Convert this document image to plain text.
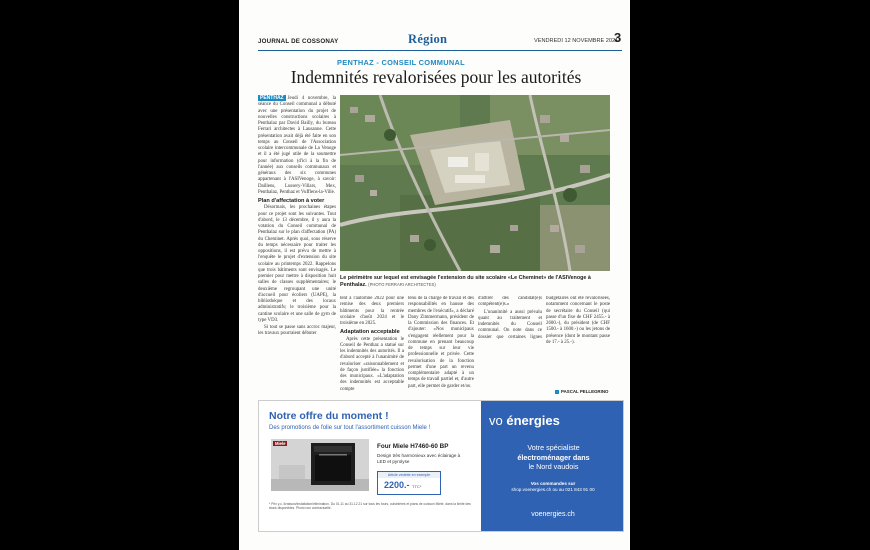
JOURNAL DE COSSONAY	Région	VENDREDI 12 NOVEMBRE 2021
3
PENTHAZ - CONSEIL COMMUNAL
Indemnités revalorisées pour les autorités

PENTHAZ Jeudi 4 novembre, la séance du Conseil communal a débuté avec une présentation du projet de nouvelles constructions scolaires à Penthalaz par David Bailly, du bureau Ferrari architectes à Lausanne. Cette présentation avait déjà été faite en son temps au Conseil de l'Association scolaire intercommunale de La Venoge et il a été jugé utile de la soumettre pour information (d'ici à la fin de l'année) aux conseils communaux et généraux des six communes appartenant à l'ASIVenoge, à savoir: Daillens, Lussery-Villars, Mex, Penthalaz, Penthaz et Vufflens-la-Ville.

Plan d'affectation à voter

Désormais, les prochaines étapes pour ce projet sont les suivantes. Tout d'abord, le 13 décembre, il y aura la votation du Conseil communal de Penthalaz sur le plan d'affectation (PA) du Cheminet. Après quoi, sous réserve du temps nécessaire pour traiter les oppositions, il est prévu de mettre à l'enquête le projet d'extension du site scolaire au printemps 2022. Rappelons que trois bâtiments sont envisagés. Le premier pour mettre à disposition huit salles de classes supplémentaires; le deuxième regroupant une unité d'accueil pour écoliers (UAPE), la bibliothèque et des locaux administratifs; le troisième pour la cantine scolaire et une salle de gym de type VD3.

Si tout se passe sans accroc majeur, les travaux pourraient débuter

Le périmètre sur lequel est envisagée l'extension du site scolaire «Le Cheminet» de l'ASIVenoge à Penthalaz. (PHOTO FERRARI ARCHITECTES)

tent à l'automne 2022 pour une remise des deux premiers bâtiments pour la rentrée scolaire d'août 2024 et le troisième en 2025.

Adaptation acceptable

Après cette présentation le Conseil de Penthaz a statué sur les indemnités des autorités. Il a d'abord accepté à l'unanimité de revaloriser «raisonnablement et de façon justifiée» la fonction des municipaux. «L'adaptation des indemnités est acceptable compte

tenu de la charge de travail et des responsabilités en hausse des membres de l'exécutif», a déclaré Dany Zimmermann, président de la Commission des finances. Et d'ajouter: «Nos municipaux s'engagent réellement pour la commune en prenant beaucoup de temps sur leur vie professionnelle et privée. Cette revalorisation de la fonction permet d'une part un revenu complémentaire adapté à un temps de travail partiel et, d'autre part, elle permet de garder et/ou

d'attirer des candidat(e)s compétent(e)s.»

L'unanimité a aussi prévalu quant au traitement et indemnités du Conseil communal. On note dans ce dossier que certaines lignes budgétaires ont été revalorisées, notamment concernant le poste de secrétaire du Conseil (qui passe d'un fixe de CHF 2455.- à 2600.-), du président (de CHF 1500.- à 1600.-) ou les jetons de présence (dont le montant passe de 17.- à 25.-).

PASCAL PELLEGRINO
Notre offre du moment !
Des promotions de folie sur tout l'assortiment cuisson Miele !
Miele	Four Miele H7460-60 BP
Design très harmonieux avec éclairage à LED et pyrolyse
Article vedette en exemple
2200.- TTC*
* Prix y.c. livraison/installation/élimination. Du 01.11 au 31.12.21 sur tous les fours, cuisinières et plans de cuisson Miele, dans la limite des stock disponibles. Photo non contractuelle.
vo énergies
Votre spécialiste
électroménager dans
le Nord vaudois
Vos commandes sur
shop.voenergies.ch ou au 021 843 91 00
voenergies.ch
